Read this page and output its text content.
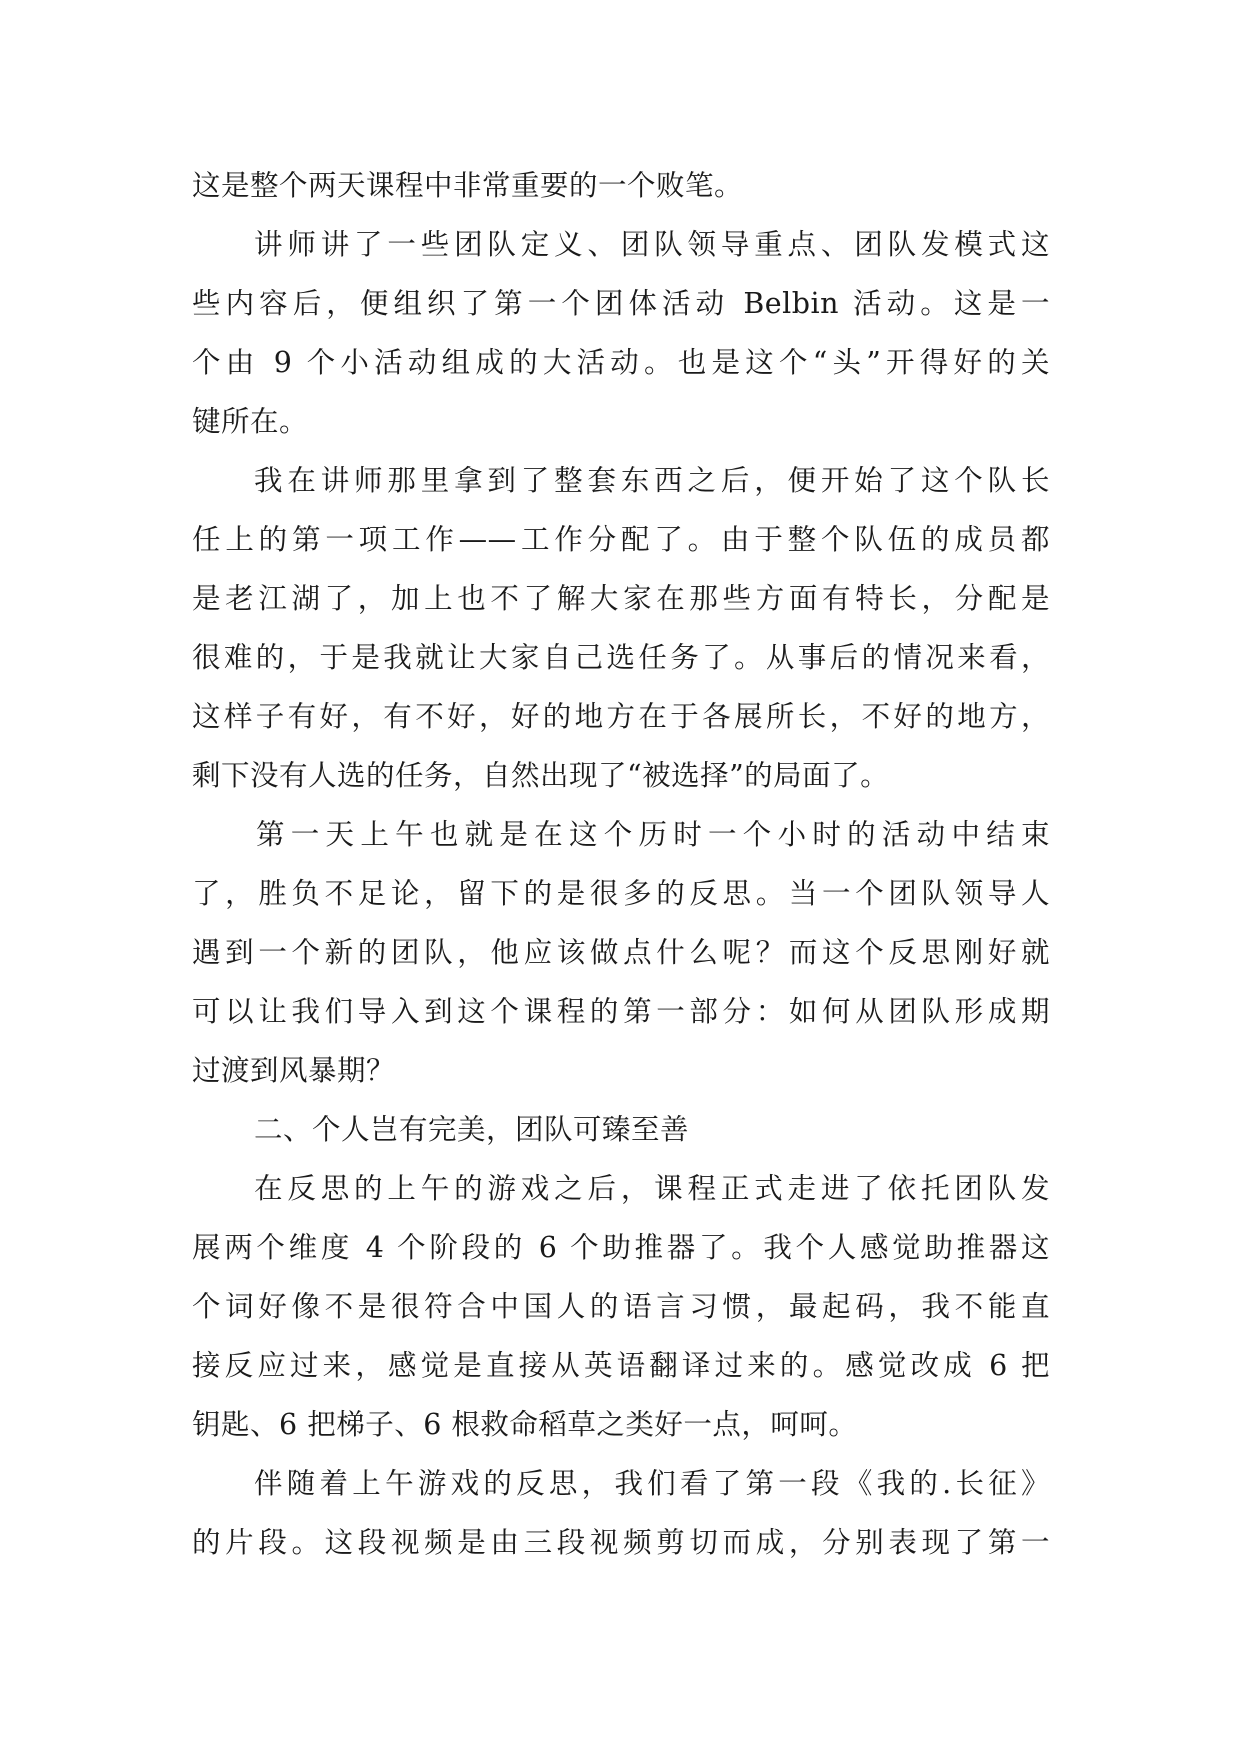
这是整个两天课程中非常重要的一个败笔。
讲师讲了一些团队定义、团队领导重点、团队发模式这
些内容后，便组织了第一个团体活动 Belbin 活动。这是一
个由 9 个小活动组成的大活动。也是这个“头”开得好的关
键所在。
我在讲师那里拿到了整套东西之后，便开始了这个队长
任上的第一项工作——工作分配了。由于整个队伍的成员都
是老江湖了，加上也不了解大家在那些方面有特长，分配是
很难的，于是我就让大家自己选任务了。从事后的情况来看，
这样子有好，有不好，好的地方在于各展所长，不好的地方，
剩下没有人选的任务，自然出现了“被选择”的局面了。
第一天上午也就是在这个历时一个小时的活动中结束
了，胜负不足论，留下的是很多的反思。当一个团队领导人
遇到一个新的团队，他应该做点什么呢？而这个反思刚好就
可以让我们导入到这个课程的第一部分：如何从团队形成期
过渡到风暴期？
二、个人岂有完美，团队可臻至善
在反思的上午的游戏之后，课程正式走进了依托团队发
展两个维度 4 个阶段的 6 个助推器了。我个人感觉助推器这
个词好像不是很符合中国人的语言习惯，最起码，我不能直
接反应过来，感觉是直接从英语翻译过来的。感觉改成 6 把
钥匙、6 把梯子、6 根救命稻草之类好一点，呵呵。
伴随着上午游戏的反思，我们看了第一段《我的.长征》
的片段。这段视频是由三段视频剪切而成，分别表现了第一
